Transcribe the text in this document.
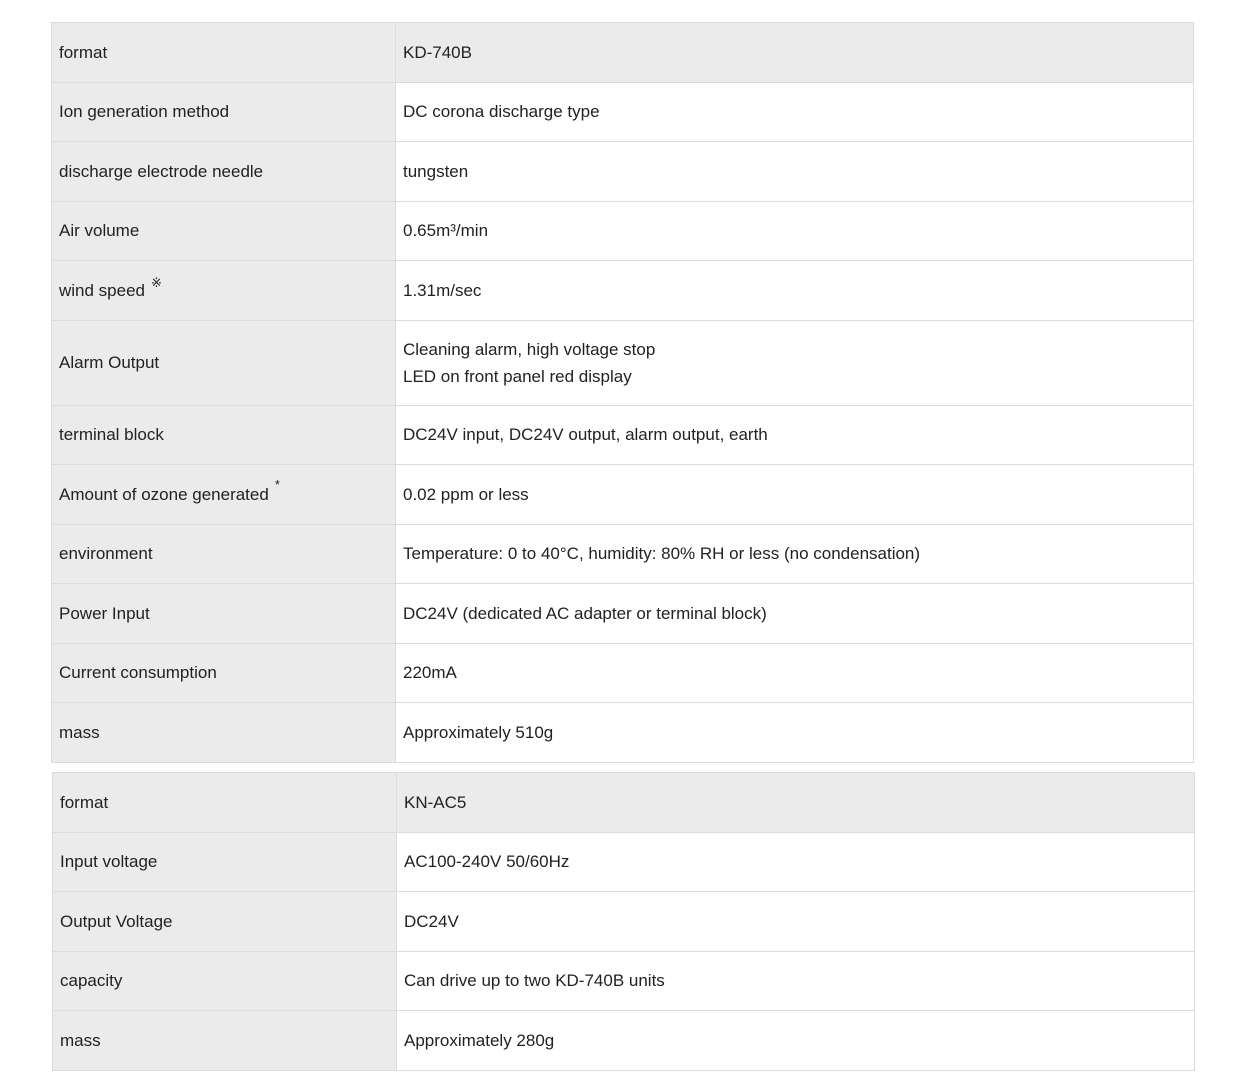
format	KD-740B
Ion generation method	DC corona discharge type
discharge electrode needle	tungsten
Air volume	0.65m³/min
wind speed ※	1.31m/sec
Alarm Output	Cleaning alarm, high voltage stop
LED on front panel red display

terminal block	DC24V input, DC24V output, alarm output, earth
Amount of ozone generated*	0.02 ppm or less
environment	Temperature: 0 to 40°C, humidity: 80% RH or less (no condensation)
Power Input	DC24V (dedicated AC adapter or terminal block)
Current consumption	220mA
mass	Approximately 510g
format	KN-AC5
Input voltage	AC100-240V 50/60Hz
Output Voltage	DC24V
capacity	Can drive up to two KD-740B units
mass	Approximately 280g
